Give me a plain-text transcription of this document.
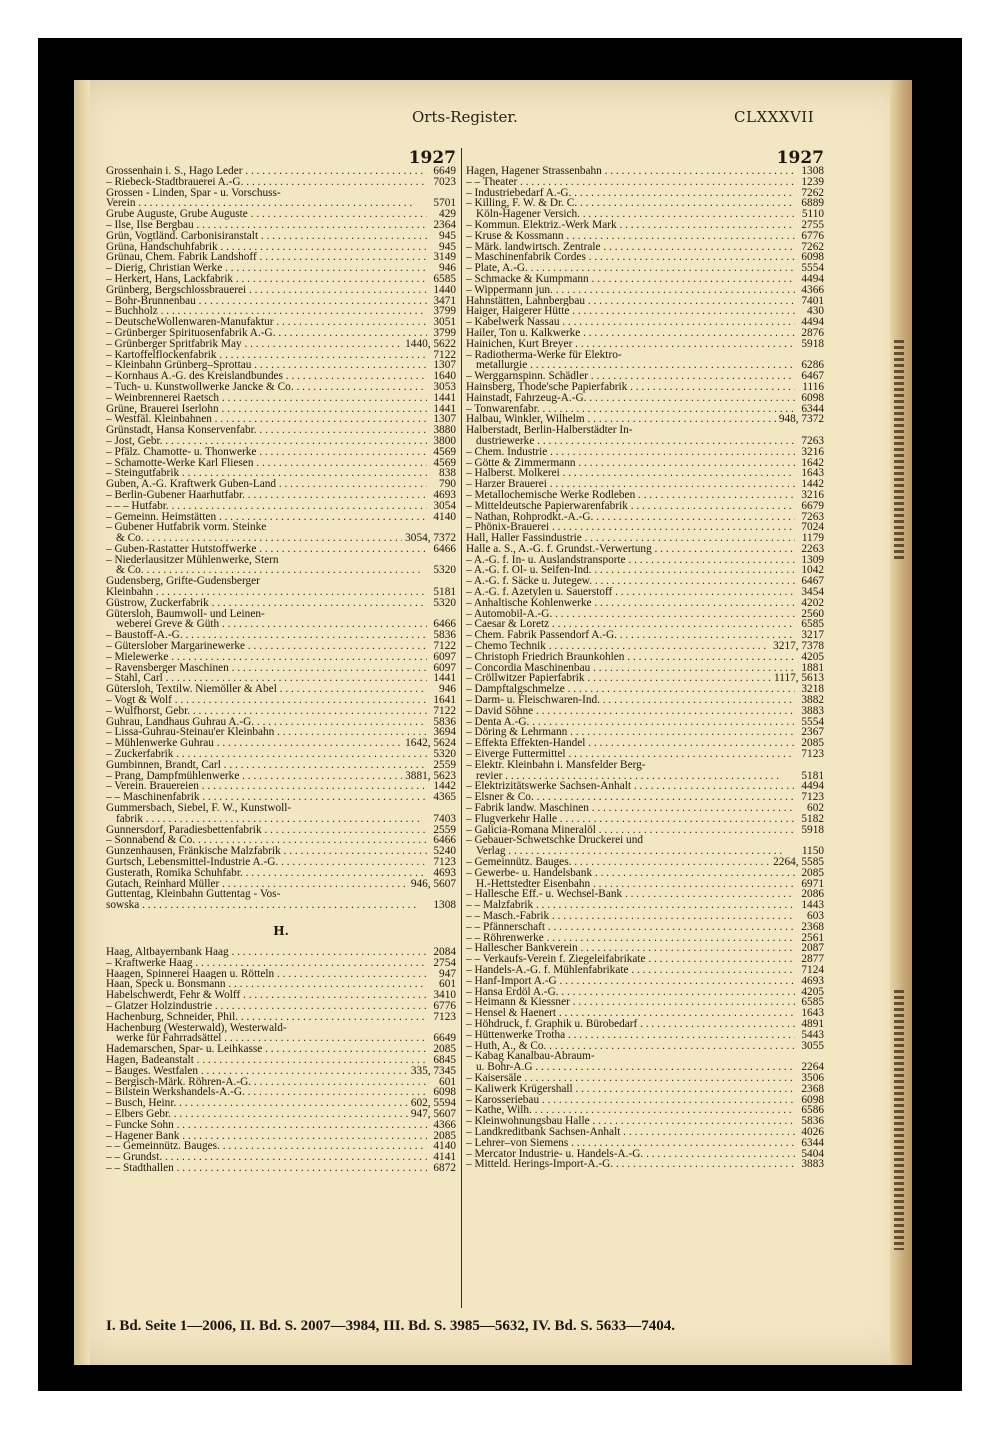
Orts-Register.	CLXXXVII
1927
Grossenhain i. S., Hago Leder . . .	6649
– Riebeck-Stadtbrauerei A.-G. . . .	7023
Grossen - Linden, Spar - u. Vorschuss-
Verein . . .	5701
Grube Auguste, Grube Auguste . . .	429
– Ilse, Ilse Bergbau . . .	2364
Grün, Vogtländ. Carbonisiranstalt . . .	945
Grüna, Handschuhfabrik . . .	945
Grünau, Chem. Fabrik Landshoff . . .	3149
– Dierig, Christian Werke . . .	946
– Herkert, Hans, Lackfabrik . . .	6585
Grünberg, Bergschlossbrauerei . . .	1440
– Bohr-Brunnenbau . . .	3471
– Buchholz . . .	3799
– DeutscheWollenwaren-Manufaktur . . .	3051
– Grünberger Spirituosenfabrik A.-G. . . .	3799
– Grünberger Spritfabrik May . . .	1440, 5622
– Kartoffelflockenfabrik . . .	7122
– Kleinbahn Grünberg–Sprottau . . .	1307
– Kornhaus A.-G. des Kreislandbundes . . .	1640
– Tuch- u. Kunstwollwerke Jancke & Co. . . .	3053
– Weinbrennerei Raetsch . . .	1441
Grüne, Brauerei Iserlohn . . .	1441
– Westfäl. Kleinbahnen . . .	1307
Grünstadt, Hansa Konservenfabr. . . .	3880
– Jost, Gebr. . . .	3800
– Pfälz. Chamotte- u. Thonwerke . . .	4569
– Schamotte-Werke Karl Fliesen . . .	4569
– Steingutfabrik . . .	838
Guben, A.-G. Kraftwerk Guben-Land . . .	790
– Berlin-Gubener Haarhutfabr. . . .	4693
– – – Hutfabr. . . .	3054
– Gemeinn. Heimstätten . . .	4140
– Gubener Hutfabrik vorm. Steinke
& Co. . . .	3054, 7372
– Guben-Rastatter Hutstoffwerke . . .	6466
– Niederlausitzer Mühlenwerke, Stern
& Co. . . .	5320
Gudensberg, Grifte-Gudensberger
Kleinbahn . . .	5181
Güstrow, Zuckerfabrik . . .	5320
Gütersloh, Baumwoll- und Leinen-
weberei Greve & Güth . . .	6466
– Baustoff-A.-G. . . .	5836
– Güterslober Margarinewerke . . .	7122
– Mielewerke . . .	6097
– Ravensberger Maschinen . . .	6097
– Stahl, Carl . . .	1441
Gütersloh, Textilw. Niemöller & Abel . . .	946
– Vogt & Wolf . . .	1641
– Wulfhorst, Gebr. . . .	7122
Guhrau, Landhaus Guhrau A.-G. . . .	5836
– Lissa-Guhrau-Steinau'er Kleinbahn . . .	3694
– Mühlenwerke Guhrau . . .	1642, 5624
– Zuckerfabrik . . .	5320
Gumbinnen, Brandt, Carl . . .	2559
– Prang, Dampfmühlenwerke . . .	3881, 5623
– Verein. Brauereien . . .	1442
– – Maschinenfabrik . . .	4365
Gummersbach, Siebel, F. W., Kunstwoll-
fabrik . . .	7403
Gunnersdorf, Paradiesbettenfabrik . . .	2559
– Sonnabend & Co. . . .	6466
Gunzenhausen, Fränkische Malzfabrik . . .	5240
Gurtsch, Lebensmittel-Industrie A.-G. . . .	7123
Gusterath, Romika Schuhfabr. . . .	4693
Gutach, Reinhard Müller . . .	946, 5607
Guttentag, Kleinbahn Guttentag - Vos-
sowska . . .	1308
H.
Haag, Altbayernbank Haag . . .	2084
– Kraftwerke Haag . . .	2754
Haagen, Spinnerei Haagen u. Rötteln . . .	947
Haan, Speck u. Bonsmann . . .	601
Habelschwerdt, Fehr & Wolff . . .	3410
– Glatzer Holzindustrie . . .	6776
Hachenburg, Schneider, Phil. . . .	7123
Hachenburg (Westerwald), Westerwald-
werke für Fahrradsättel . . .	6649
Hademarschen, Spar- u. Leihkasse . . .	2085
Hagen, Badeanstalt . . .	6845
– Bauges. Westfalen . . .	335, 7345
– Bergisch-Märk. Röhren-A.-G. . . .	601
– Bilstein Werkshandels-A.-G. . . .	6098
– Busch, Heinr. . . .	602, 5594
– Elbers Gebr. . . .	947, 5607
– Funcke Sohn . . .	4366
– Hagener Bank . . .	2085
– – Gemeinnütz. Bauges. . . .	4140
– – Grundst. . . .	4141
– – Stadthallen . . .	6872
1927
Hagen, Hagener Strassenbahn . . .	1308
– – Theater . . .	1239
– Industriebedarf A.-G. . . .	7262
– Killing, F. W. & Dr. C. . . .	6889
Köln-Hagener Versich. . . .	5110
– Kommun. Elektriz.-Werk Mark . . .	2755
– Kruse & Kossmann . . .	6776
– Märk. landwirtsch. Zentrale . . .	7262
– Maschinenfabrik Cordes . . .	6098
– Plate, A.-G. . . .	5554
– Schmacke & Kumpmann . . .	4494
– Wippermann jun. . . .	4366
Hahnstätten, Lahnbergbau . . .	7401
Haiger, Haigerer Hütte . . .	430
– Kabelwerk Nassau . . .	4494
Hailer, Ton u. Kalkwerke . . .	2876
Hainichen, Kurt Breyer . . .	5918
– Radiotherma-Werke für Elektro-
metallurgie . . .	6286
– Werggarnspinn. Schädler . . .	6467
Hainsberg, Thode'sche Papierfabrik . . .	1116
Hainstadt, Fahrzeug-A.-G. . . .	6098
– Tonwarenfabr. . . .	6344
Halbau, Winkler, Wilhelm . . .	948, 7372
Halberstadt, Berlin-Halberstädter In-
dustriewerke . . .	7263
– Chem. Industrie . . .	3216
– Götte & Zimmermann . . .	1642
– Halberst. Molkerei . . .	1643
– Harzer Brauerei . . .	1442
– Metallochemische Werke Rodleben . . .	3216
– Mitteldeutsche Papierwarenfabrik . . .	6679
– Nathan, Rohprodkt.-A.-G. . . .	7263
– Phönix-Brauerei . . .	7024
Hall, Haller Fassindustrie . . .	1179
Halle a. S., A.-G. f. Grundst.-Verwertung . . .	2263
– A.-G. f. In- u. Auslandstransporte . . .	1309
– A.-G. f. Öl- u. Seifen-Ind. . . .	1042
– A.-G. f. Säcke u. Jutegew. . . .	6467
– A.-G. f. Azetylen u. Sauerstoff . . .	3454
– Anhaltische Kohlenwerke . . .	4202
– Automobil-A.-G. . . .	2560
– Caesar & Loretz . . .	6585
– Chem. Fabrik Passendorf A.-G. . . .	3217
– Chemo Technik . . .	3217, 7378
– Christoph Friedrich Braunkohlen . . .	4205
– Concordia Maschinenbau . . .	1881
– Cröllwitzer Papierfabrik . . .	1117, 5613
– Dampftalgschmelze . . .	3218
– Darm- u. Fleischwaren-Ind. . . .	3882
– David Söhne . . .	3883
– Denta A.-G. . . .	5554
– Döring & Lehrmann . . .	2367
– Effekta Effekten-Handel . . .	2085
– Eiverge Futtermittel . . .	7123
– Elektr. Kleinbahn i. Mansfelder Berg-
revier . . .	5181
– Elektrizitätswerke Sachsen-Anhalt . . .	4494
– Elsner & Co. . . .	7123
– Fabrik landw. Maschinen . . .	602
– Flugverkehr Halle . . .	5182
– Galicia-Romana Mineralöl . . .	5918
– Gebauer-Schwetschke Druckerei und
Verlag . . .	1150
– Gemeinnütz. Bauges. . . .	2264, 5585
– Gewerbe- u. Handelsbank . . .	2085
H.-Hettstedter Eisenbahn . . .	6971
– Hallesche Eff.- u. Wechsel-Bank . . .	2086
– – Malzfabrik . . .	1443
– – Masch.-Fabrik . . .	603
– – Pfännerschaft . . .	2368
– – Röhrenwerke . . .	2561
– Hallescher Bankverein . . .	2087
– – Verkaufs-Verein f. Ziegeleifabrikate . . .	2877
– Handels-A.-G. f. Mühlenfabrikate . . .	7124
– Hanf-Import A.-G . . .	4693
– Hansa Erdöl A.-G. . . .	4205
– Heimann & Kiessner . . .	6585
– Hensel & Haenert . . .	1643
– Höhdruck, f. Graphik u. Bürobedarf . . .	4891
– Hüttenwerke Trotha . . .	5443
– Huth, A., & Co. . . .	3055
– Kabag Kanalbau-Abraum-
u. Bohr-A.G . . .	2264
– Kaisersäle . . .	3506
– Kaliwerk Krügershall . . .	2368
– Karosseriebau . . .	6098
– Kathe, Wilh. . . .	6586
– Kleinwohnungsbau Halle . . .	5836
– Landkreditbank Sachsen-Anhalt . . .	4026
– Lehrer–von Siemens . . .	6344
– Mercator Industrie- u. Handels-A.-G. . . .	5404
– Mitteld. Herings-Import-A.-G. . . .	3883
I. Bd. Seite 1—2006, II. Bd. S. 2007—3984, III. Bd. S. 3985—5632, IV. Bd. S. 5633—7404.
